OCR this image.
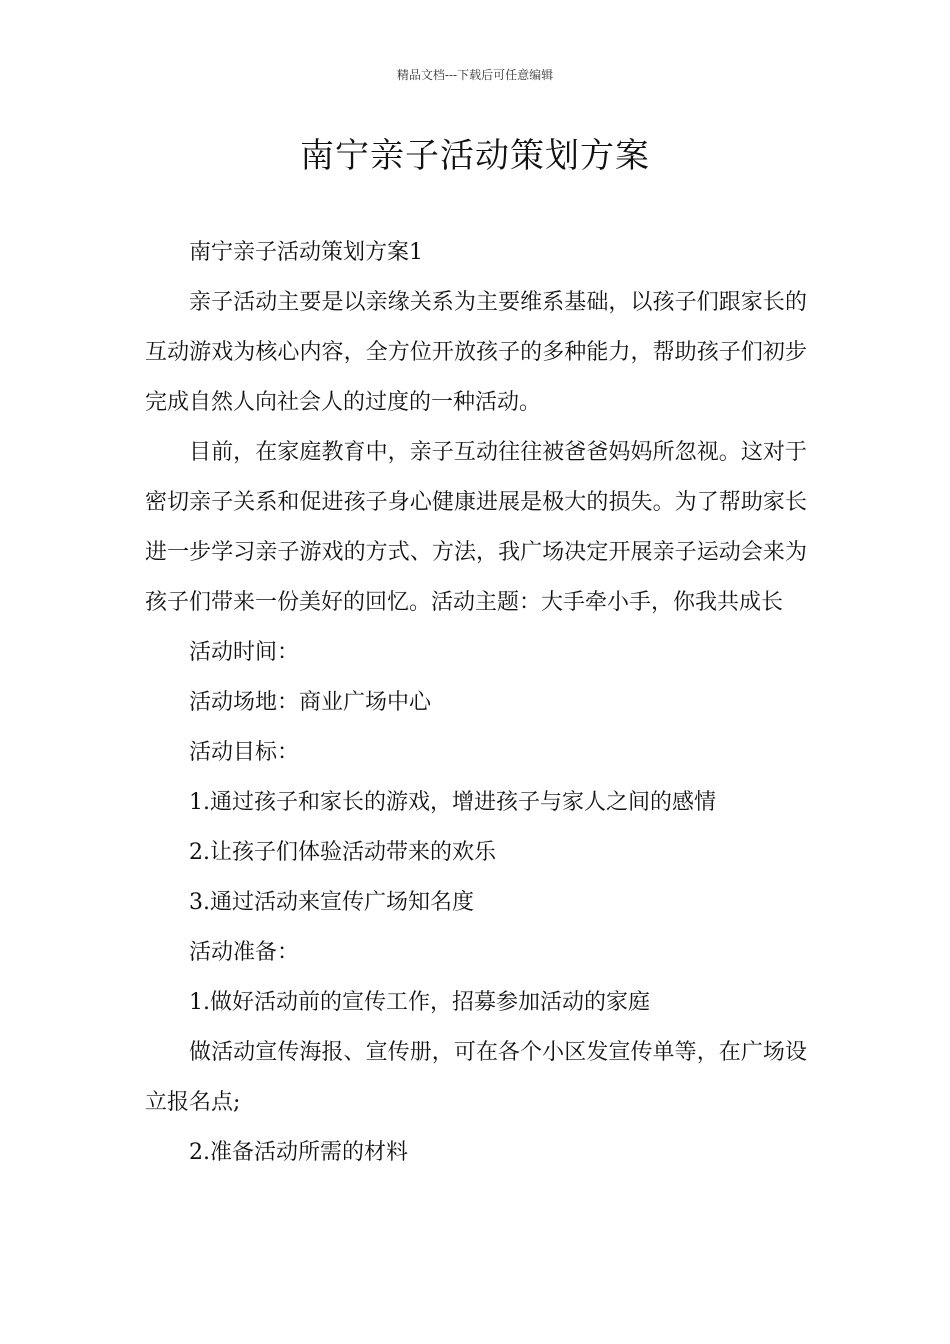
精品文档---下载后可任意编辑
南宁亲子活动策划方案

南宁亲子活动策划方案1

亲子活动主要是以亲缘关系为主要维系基础，以孩子们跟家长的互动游戏为核心内容，全方位开放孩子的多种能力，帮助孩子们初步完成自然人向社会人的过度的一种活动。

目前，在家庭教育中，亲子互动往往被爸爸妈妈所忽视。这对于密切亲子关系和促进孩子身心健康进展是极大的损失。为了帮助家长进一步学习亲子游戏的方式、方法，我广场决定开展亲子运动会来为孩子们带来一份美好的回忆。活动主题：大手牵小手，你我共成长

活动时间：

活动场地：商业广场中心

活动目标：

1.通过孩子和家长的游戏，增进孩子与家人之间的感情

2.让孩子们体验活动带来的欢乐

3.通过活动来宣传广场知名度

活动准备：

1.做好活动前的宣传工作，招募参加活动的家庭

做活动宣传海报、宣传册，可在各个小区发宣传单等，在广场设立报名点;

2.准备活动所需的材料
